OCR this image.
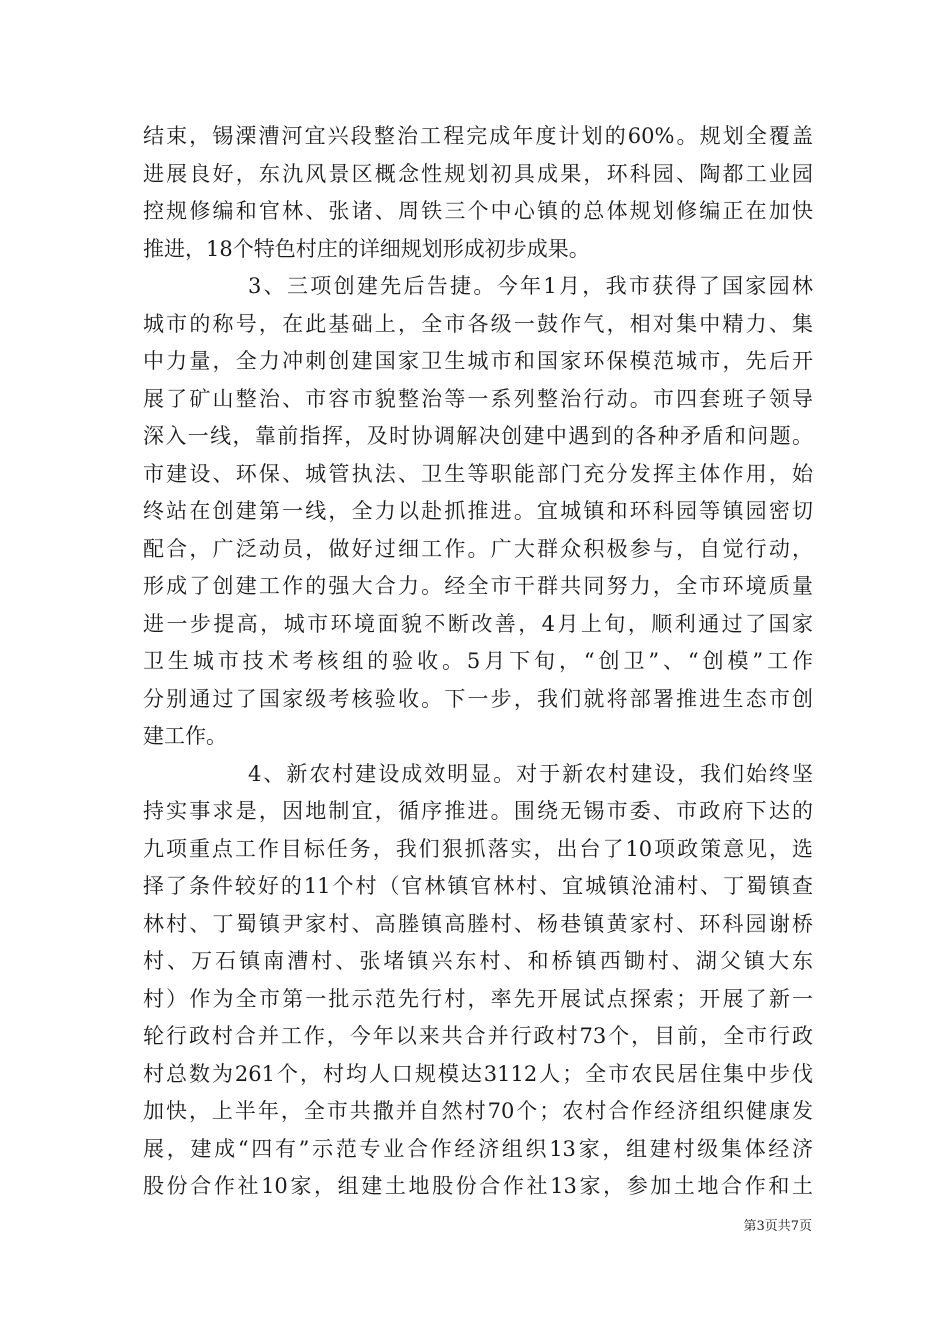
结束，锡溧漕河宜兴段整治工程完成年度计划的60%。规划全覆盖
进展良好，东氿风景区概念性规划初具成果，环科园、陶都工业园
控规修编和官林、张诸、周铁三个中心镇的总体规划修编正在加快
推进，18个特色村庄的详细规划形成初步成果。
3、三项创建先后告捷。今年1月，我市获得了国家园林
城市的称号，在此基础上，全市各级一鼓作气，相对集中精力、集
中力量，全力冲刺创建国家卫生城市和国家环保模范城市，先后开
展了矿山整治、市容市貌整治等一系列整治行动。市四套班子领导
深入一线，靠前指挥，及时协调解决创建中遇到的各种矛盾和问题。
市建设、环保、城管执法、卫生等职能部门充分发挥主体作用，始
终站在创建第一线，全力以赴抓推进。宜城镇和环科园等镇园密切
配合，广泛动员，做好过细工作。广大群众积极参与，自觉行动，
形成了创建工作的强大合力。经全市干群共同努力，全市环境质量
进一步提高，城市环境面貌不断改善，4月上旬，顺利通过了国家
卫生城市技术考核组的验收。5月下旬，“创卫”、“创模”工作
分别通过了国家级考核验收。下一步，我们就将部署推进生态市创
建工作。
4、新农村建设成效明显。对于新农村建设，我们始终坚
持实事求是，因地制宜，循序推进。围绕无锡市委、市政府下达的
九项重点工作目标任务，我们狠抓落实，出台了10项政策意见，选
择了条件较好的11个村（官林镇官林村、宜城镇沧浦村、丁蜀镇查
林村、丁蜀镇尹家村、高塍镇高塍村、杨巷镇黄家村、环科园谢桥
村、万石镇南漕村、张堵镇兴东村、和桥镇西锄村、湖父镇大东
村）作为全市第一批示范先行村，率先开展试点探索；开展了新一
轮行政村合并工作，今年以来共合并行政村73个，目前，全市行政
村总数为261个，村均人口规模达3112人；全市农民居住集中步伐
加快，上半年，全市共撒并自然村70个；农村合作经济组织健康发
展，建成“四有”示范专业合作经济组织13家，组建村级集体经济
股份合作社10家，组建土地股份合作社13家，参加土地合作和土
第3页共7页
